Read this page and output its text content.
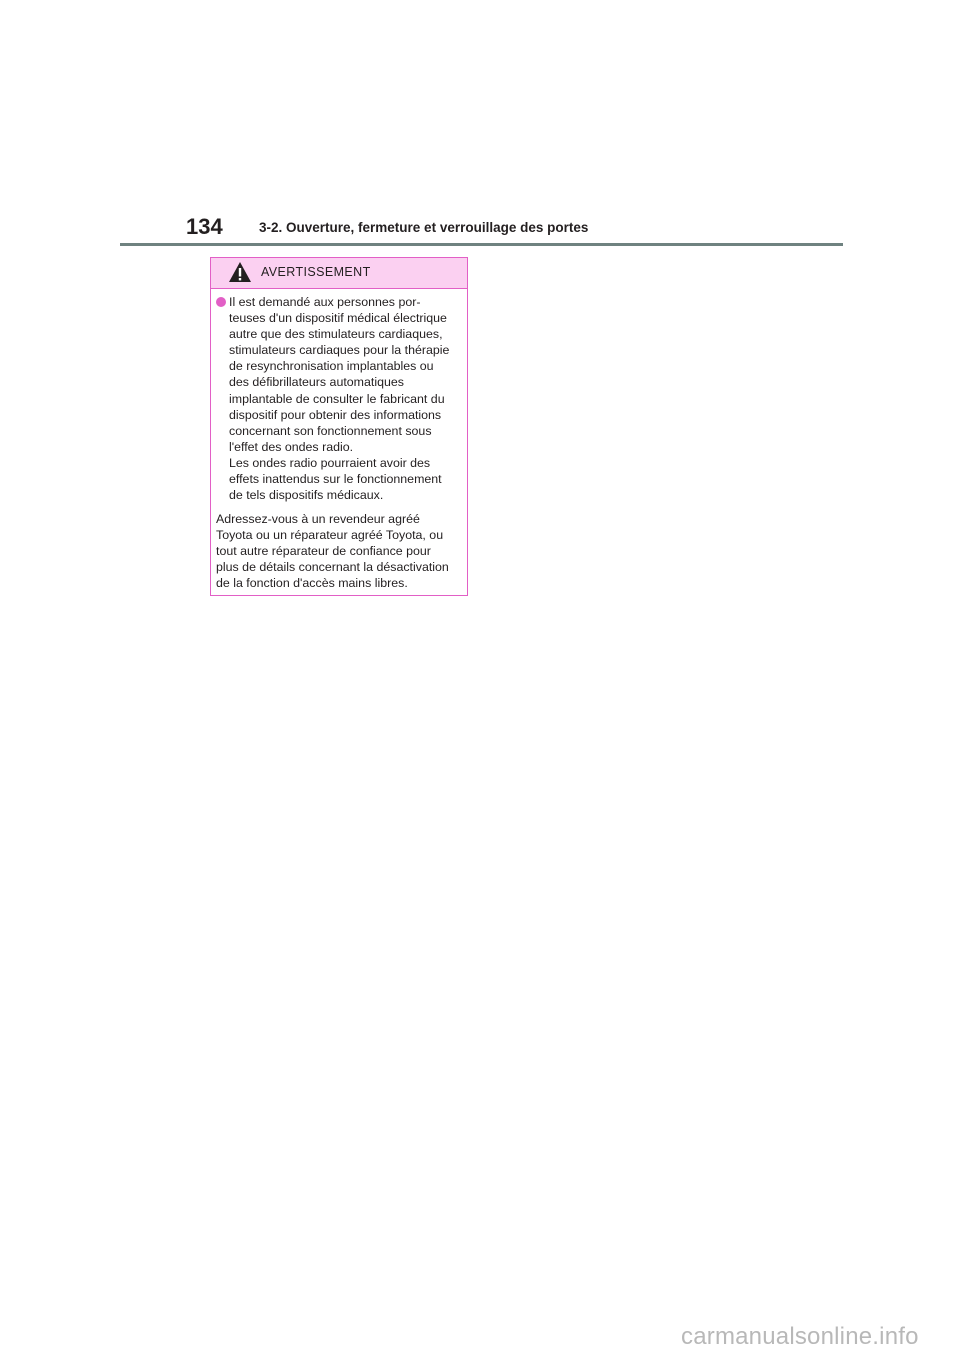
134	3-2. Ouverture, fermeture et verrouillage des portes
AVERTISSEMENT
Il est demandé aux personnes por-
teuses d'un dispositif médical électrique
autre que des stimulateurs cardiaques,
stimulateurs cardiaques pour la thérapie
de resynchronisation implantables ou
des défibrillateurs automatiques
implantable de consulter le fabricant du
dispositif pour obtenir des informations
concernant son fonctionnement sous
l'effet des ondes radio.
Les ondes radio pourraient avoir des
effets inattendus sur le fonctionnement
de tels dispositifs médicaux.
Adressez-vous à un revendeur agréé
Toyota ou un réparateur agréé Toyota, ou
tout autre réparateur de confiance pour
plus de détails concernant la désactivation
de la fonction d'accès mains libres.
carmanualsonline.info
